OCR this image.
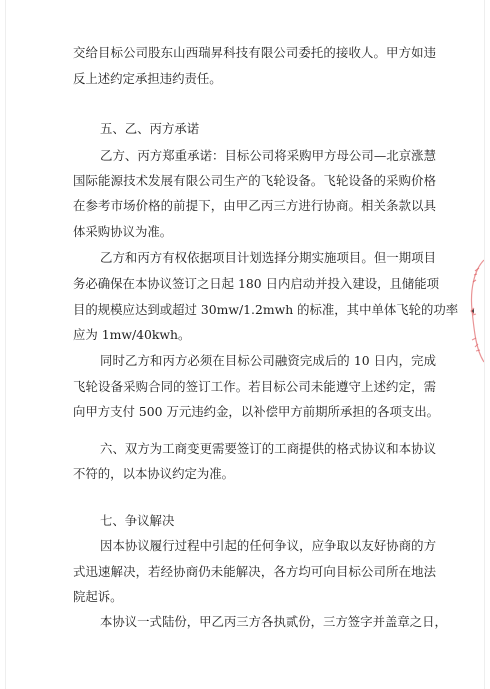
交给目标公司股东山西瑞昇科技有限公司委托的接收人。甲方如违
反上述约定承担违约责任。
五、乙、丙方承诺
乙方、丙方郑重承诺：目标公司将采购甲方母公司—北京涨慧
国际能源技术发展有限公司生产的飞轮设备。飞轮设备的采购价格
在参考市场价格的前提下，由甲乙丙三方进行协商。相关条款以具
体采购协议为准。
乙方和丙方有权依据项目计划选择分期实施项目。但一期项目
务必确保在本协议签订之日起 180 日内启动并投入建设，且储能项
目的规模应达到或超过 30mw/1.2mwh 的标准，其中单体飞轮的功率
应为 1mw/40kwh。
同时乙方和丙方必须在目标公司融资完成后的 10 日内，完成
飞轮设备采购合同的签订工作。若目标公司未能遵守上述约定，需
向甲方支付 500 万元违约金，以补偿甲方前期所承担的各项支出。
六、双方为工商变更需要签订的工商提供的格式协议和本协议
不符的，以本协议约定为准。
七、争议解决
因本协议履行过程中引起的任何争议，应争取以友好协商的方
式迅速解决，若经协商仍未能解决，各方均可向目标公司所在地法
院起诉。
本协议一式陆份，甲乙丙三方各执贰份，三方签字并盖章之日，
